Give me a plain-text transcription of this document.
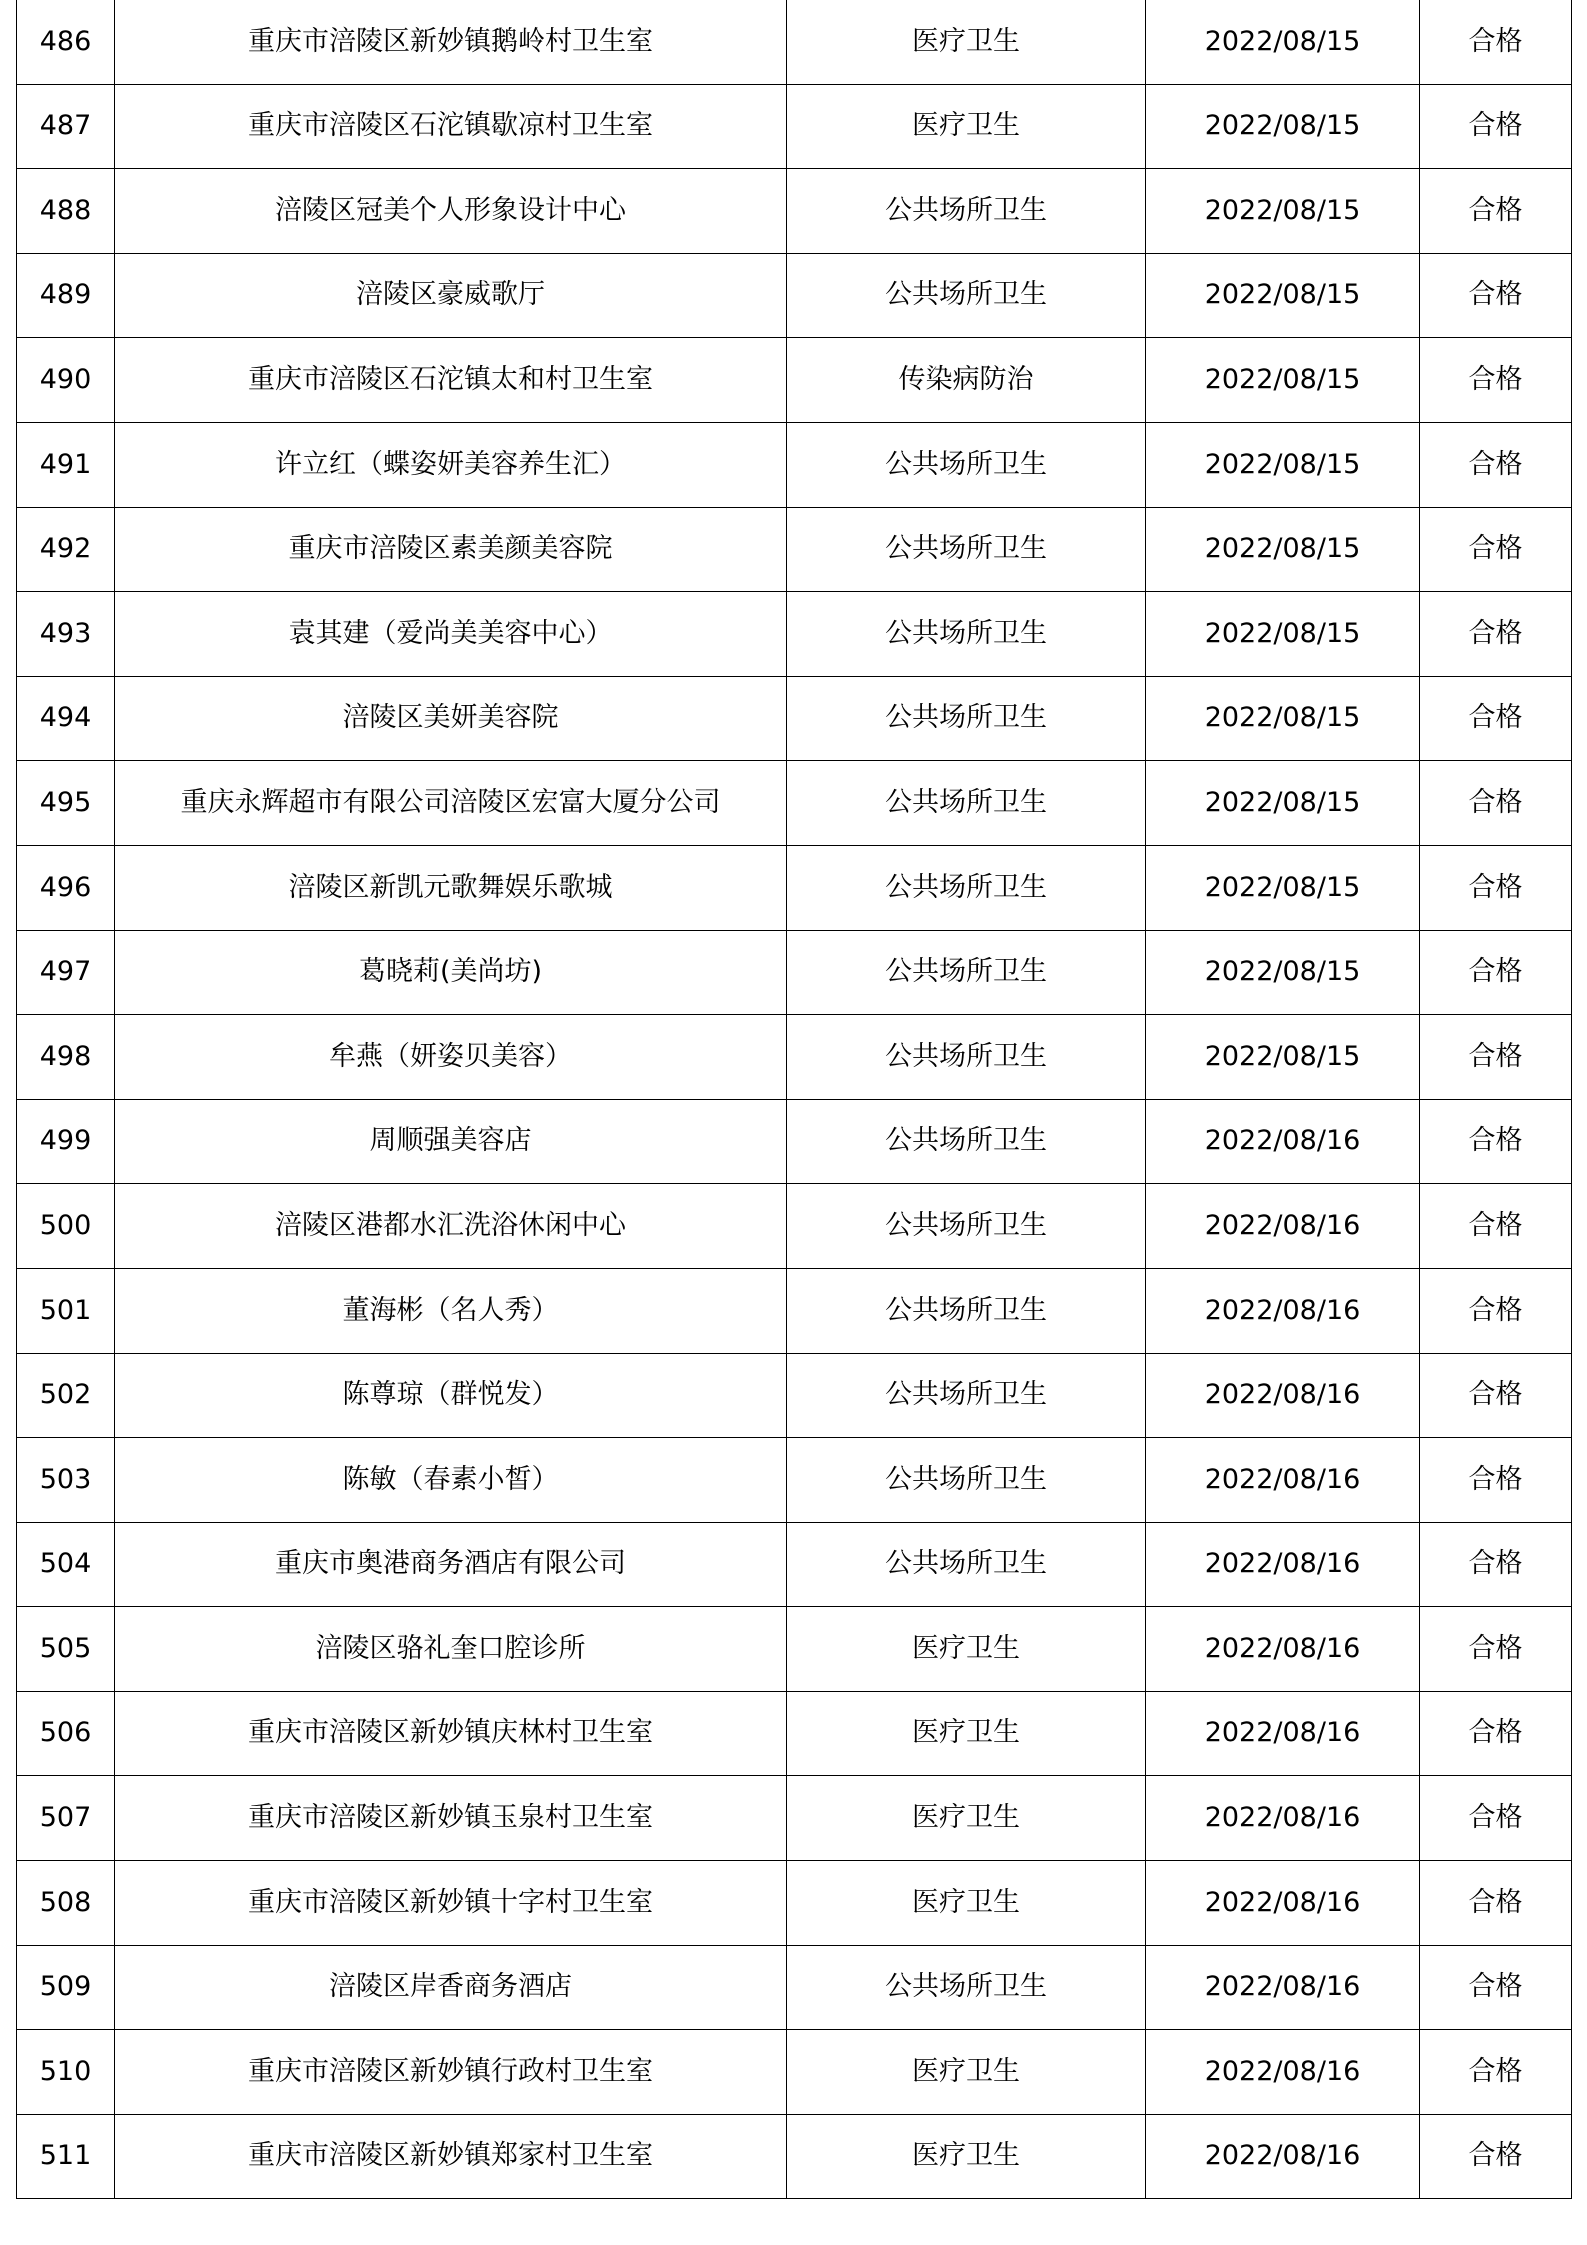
486	重庆市涪陵区新妙镇鹅岭村卫生室	医疗卫生	2022/08/15	合格
487	重庆市涪陵区石沱镇歇凉村卫生室	医疗卫生	2022/08/15	合格
488	涪陵区冠美个人形象设计中心	公共场所卫生	2022/08/15	合格
489	涪陵区豪威歌厅	公共场所卫生	2022/08/15	合格
490	重庆市涪陵区石沱镇太和村卫生室	传染病防治	2022/08/15	合格
491	许立红（蝶姿妍美容养生汇）	公共场所卫生	2022/08/15	合格
492	重庆市涪陵区素美颜美容院	公共场所卫生	2022/08/15	合格
493	袁其建（爱尚美美容中心）	公共场所卫生	2022/08/15	合格
494	涪陵区美妍美容院	公共场所卫生	2022/08/15	合格
495	重庆永辉超市有限公司涪陵区宏富大厦分公司	公共场所卫生	2022/08/15	合格
496	涪陵区新凯元歌舞娱乐歌城	公共场所卫生	2022/08/15	合格
497	葛晓莉(美尚坊)	公共场所卫生	2022/08/15	合格
498	牟燕（妍姿贝美容）	公共场所卫生	2022/08/15	合格
499	周顺强美容店	公共场所卫生	2022/08/16	合格
500	涪陵区港都水汇洗浴休闲中心	公共场所卫生	2022/08/16	合格
501	董海彬（名人秀）	公共场所卫生	2022/08/16	合格
502	陈尊琼（群悦发）	公共场所卫生	2022/08/16	合格
503	陈敏（春素小皙）	公共场所卫生	2022/08/16	合格
504	重庆市奥港商务酒店有限公司	公共场所卫生	2022/08/16	合格
505	涪陵区骆礼奎口腔诊所	医疗卫生	2022/08/16	合格
506	重庆市涪陵区新妙镇庆林村卫生室	医疗卫生	2022/08/16	合格
507	重庆市涪陵区新妙镇玉泉村卫生室	医疗卫生	2022/08/16	合格
508	重庆市涪陵区新妙镇十字村卫生室	医疗卫生	2022/08/16	合格
509	涪陵区岸香商务酒店	公共场所卫生	2022/08/16	合格
510	重庆市涪陵区新妙镇行政村卫生室	医疗卫生	2022/08/16	合格
511	重庆市涪陵区新妙镇郑家村卫生室	医疗卫生	2022/08/16	合格
